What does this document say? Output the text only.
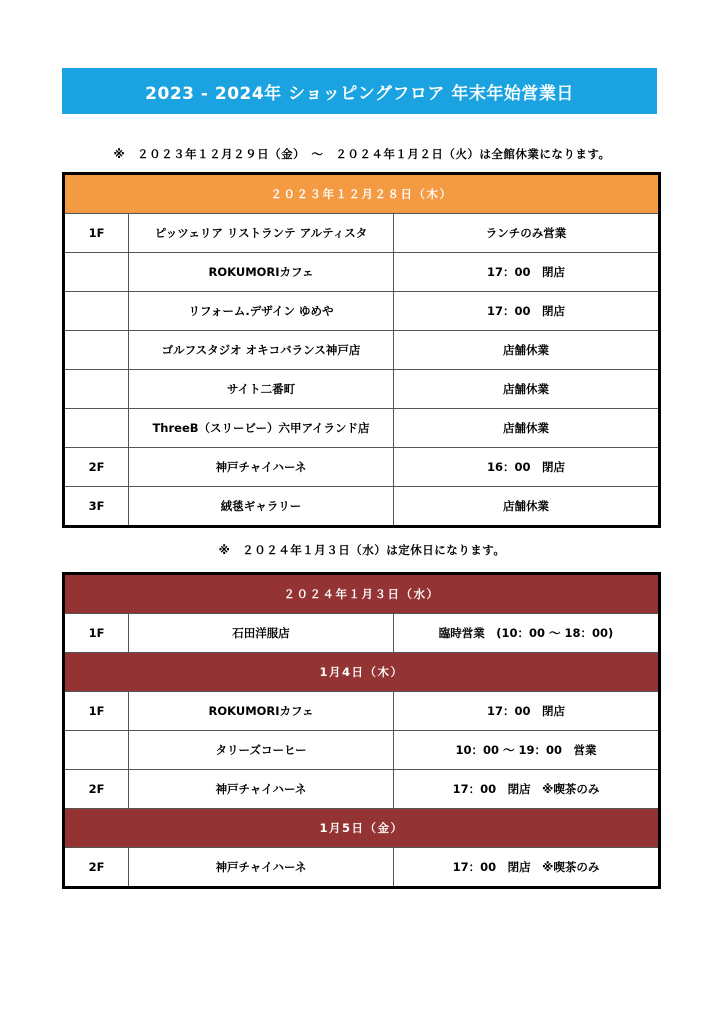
2023 - 2024年 ショッピングフロア 年末年始営業日
※　２０２３年１２月２９日（金）　～　２０２４年１月２日（火）は全館休業になります。
２０２３年１２月２８日（木）		
1F	ピッツェリア リストランテ アルティスタ	ランチのみ営業
	ROKUMORIカフェ	17：00　閉店
	リフォーム.デザイン ゆめや	17：00　閉店
	ゴルフスタジオ オキコバランス神戸店	店舗休業
	サイト二番町	店舗休業
	ThreeB（スリービー）六甲アイランド店	店舗休業
2F	神戸チャイハーネ	16：00　閉店
3F	絨毯ギャラリー	店舗休業
※　２０２４年１月３日（水）は定休日になります。
２０２４年１月３日（水）		
1F	石田洋服店	臨時営業　(10：00 ～ 18：00)
1月4日（木）		
1F	ROKUMORIカフェ	17：00　閉店
	タリーズコーヒー	10：00 ～ 19：00　営業
2F	神戸チャイハーネ	17：00　閉店　※喫茶のみ
1月5日（金）		
2F	神戸チャイハーネ	17：00　閉店　※喫茶のみ
